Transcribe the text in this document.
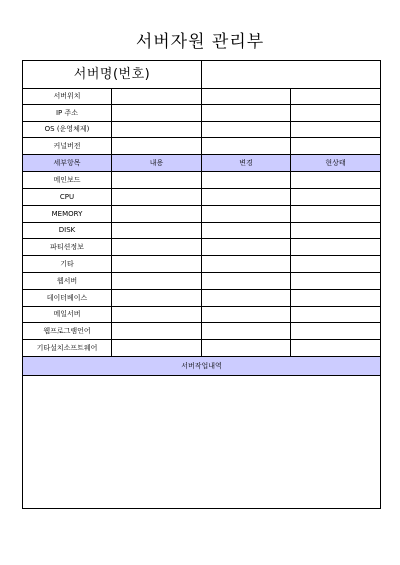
서버자원 관리부
서버명(번호)			
서버위치			
IP 주소			
OS (운영체제)			
커널버전			
세부항목	내용	변경	현상태
메인보드			
CPU			
MEMORY			
DISK			
파티션정보			
기타			
웹서버			
데이터베이스			
메일서버			
웹프로그램언어			
기타설치소프트웨어			
서버작업내역			
